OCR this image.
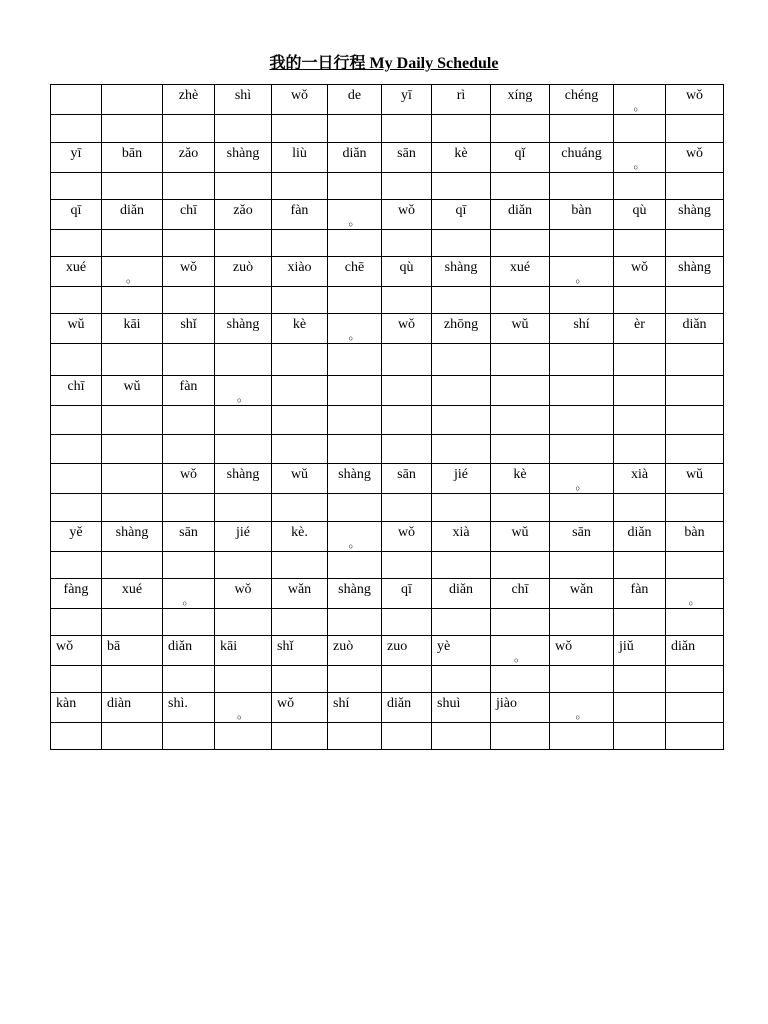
我的一日行程 My Daily Schedule

		zhè	shì	wǒ	de	yī	rì	xíng	chéng	。	wǒ

yī	bān	zǎo	shàng	liù	diǎn	sān	kè	qǐ	chuáng	。	wǒ

qī	diǎn	chī	zǎo	fàn	。	wǒ	qī	diǎn	bàn	qù	shàng

xué	。	wǒ	zuò	xiào	chē	qù	shàng	xué	。	wǒ	shàng

wǔ	kāi	shǐ	shàng	kè	。	wǒ	zhōng	wǔ	shí	èr	diǎn

chī	wǔ	fàn	。								

		wǒ	shàng	wǔ	shàng	sān	jié	kè	。	xià	wǔ

yě	shàng	sān	jié	kè.	。	wǒ	xià	wǔ	sān	diǎn	bàn

fàng	xué	。	wǒ	wǎn	shàng	qī	diǎn	chī	wǎn	fàn	。

wǒ	bā	diǎn	kāi	shǐ	zuò	zuo	yè	。	wǒ	jiǔ	diǎn

kàn	diàn	shì.	。	wǒ	shí	diǎn	shuì	jiào	。		
